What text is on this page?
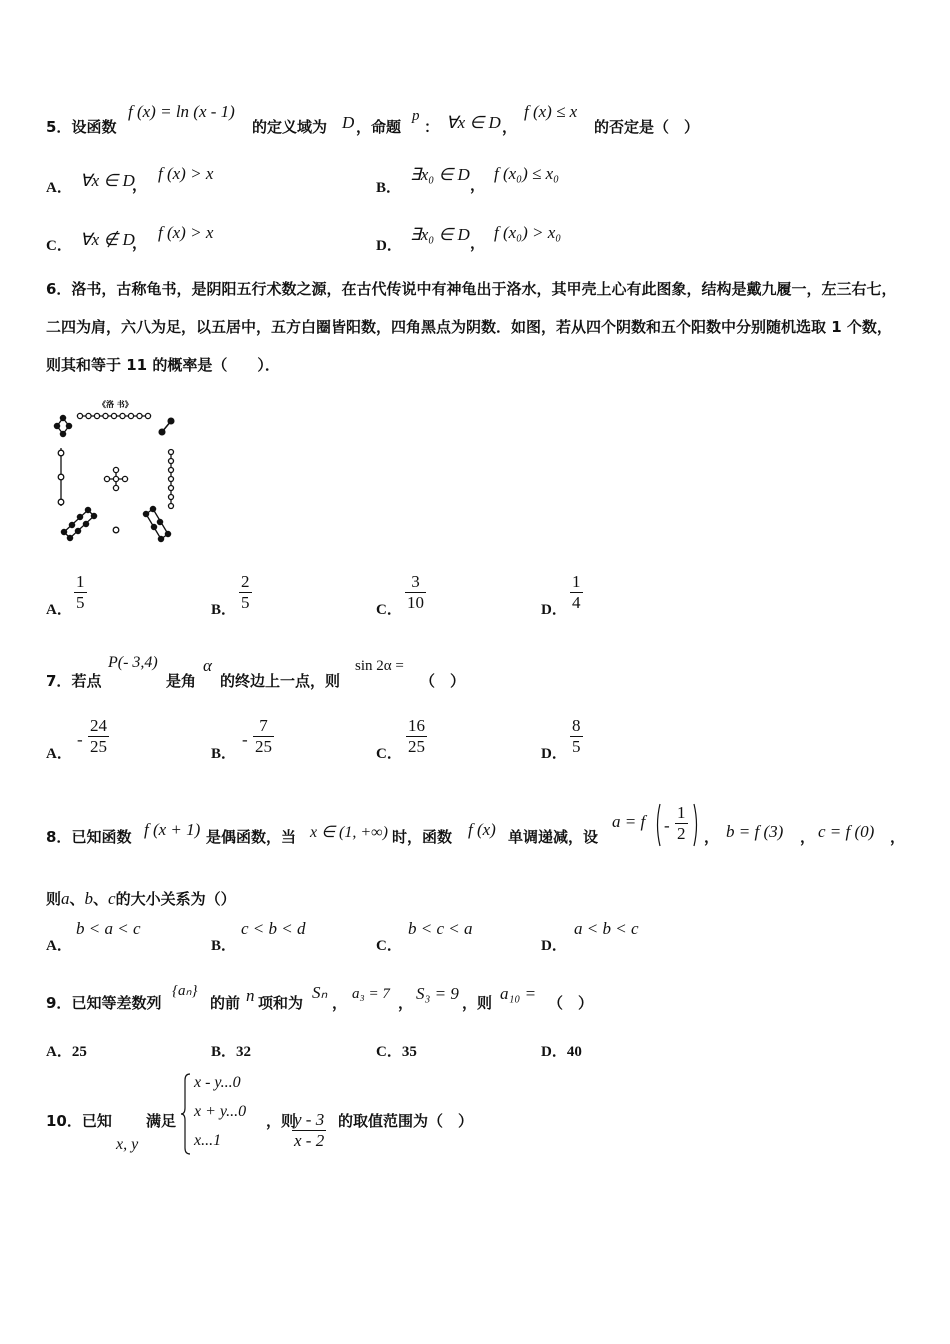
5．设函数
f (x) = ln (x - 1)
的定义域为 D ，命题
p
： ∀x ∈ D ，
f (x) ≤ x
的否定是（　）
A． ∀x ∈ D
，
f (x) > x
B．
∃x₀ ∈ D
，
f (x₀) ≤ x₀
C． ∀x ∉ D
，
f (x) > x
D．
∃x₀ ∈ D ，
f (x₀) > x₀
6．洛书，古称龟书，是阴阳五行术数之源，在古代传说中有神龟出于洛水，其甲壳上心有此图象，结构是戴九履一，左三右七，二四为肩，六八为足，以五居中，五方白圈皆阳数，四角黑点为阴数．如图，若从四个阴数和五个阳数中分别随机选取 1 个数，则其和等于 11 的概率是（　　）．
《洛 书》
A．
1
5	B．
2
5	C．
3
10	D．
1
4
7．若点
P(- 3,4)
是角
α
的终边上一点，则
sin 2α =
（　）
A．
-
24
25	B．
-
7
25	C．
16
25	D．
8
5
8．已知函数 f (x + 1) 是偶函数，当 x ∈ (1, +∞) 时，函数 f (x) 单调递减，设
a = f -
1
2 ， b = f (3) ， c = f (0) ，
则a、b、c的大小关系为（）
A．
b < a < c
B．
c < b < d
C．
b < c < a
D．
a < b < c
9．已知等差数列
{aₙ}
的前 n 项和为
Sₙ
， a₃ = 7 ， S₃ = 9 ，则 a₁₀ = （　）
A．25	B．32	C．35	D．40
10．已知
x, y
满足
x - y...0
x + y...0
x...1
，则
y - 3
x - 2
的取值范围为（　）
